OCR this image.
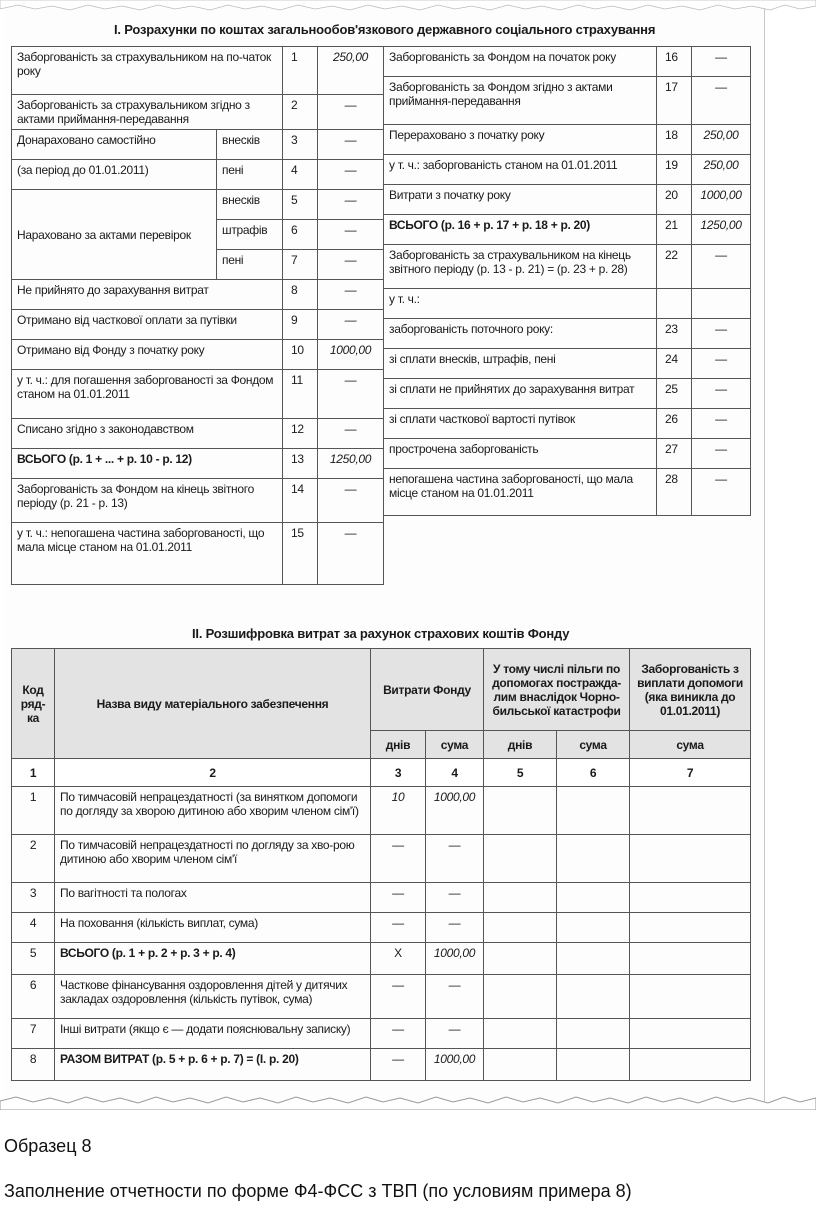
І. Розрахунки по коштах загальнообов'язкового державного соціального страхування
Заборгованість за страхувальником на по-чаток року		1	250,00
Заборгованість за страхувальником згідно з актами приймання-передавання		2	—
Донараховано самостійно	внесків	3	—
(за період до 01.01.2011)	пені	4	—
Нараховано за актами перевірок	внесків	5	—
	штрафів	6	—
	пені	7	—
Не прийнято до зарахування витрат		8	—
Отримано від часткової оплати за путівки		9	—
Отримано від Фонду з початку року		10	1000,00
у т. ч.: для погашення заборгованості за Фондом станом на 01.01.2011		11	—
Списано згідно з законодавством		12	—
ВСЬОГО (р. 1 + ... + р. 10 - р. 12)		13	1250,00
Заборгованість за Фондом на кінець звітного періоду (р. 21 - р. 13)		14	—
у т. ч.: непогашена частина заборгованості, що мала місце станом на 01.01.2011		15	—
Заборгованість за Фондом на початок року	16	—
Заборгованість за Фондом згідно з актами приймання-передавання	17	—
Перераховано з початку року	18	250,00
у т. ч.: заборгованість станом на 01.01.2011	19	250,00
Витрати з початку року	20	1000,00
ВСЬОГО (р. 16 + р. 17 + р. 18 + р. 20)	21	1250,00
Заборгованість за страхувальником на кінець звітного періоду (р. 13 - р. 21) = (р. 23 + р. 28)	22	—
у т. ч.:		
заборгованість поточного року:	23	—
зі сплати внесків, штрафів, пені	24	—
зі сплати не прийнятих до зарахування витрат	25	—
зі сплати часткової вартості путівок	26	—
прострочена заборгованість	27	—
непогашена частина заборгованості, що мала місце станом на 01.01.2011	28	—
II. Розшифровка витрат за рахунок страхових коштів Фонду
Код ряд-ка	Назва виду матеріального забезпечення	Витрати Фонду		У тому числі пільги по допомогах постражда-лим внаслідок Чорно-бильської катастрофи		Заборгованість з виплати допомоги (яка виникла до 01.01.2011)
		днів	сума	днів	сума	сума
1	2	3	4	5	6	7
1	По тимчасовій непрацездатності (за винятком допомоги по догляду за хворою дитиною або хворим членом сім'ї)	10	1000,00			
2	По тимчасовій непрацездатності по догляду за хво-рою дитиною або хворим членом сім'ї	—	—			
3	По вагітності та пологах	—	—			
4	На поховання (кількість виплат, сума)	—	—			
5	ВСЬОГО (р. 1 + р. 2 + р. 3 + р. 4)	Х	1000,00			
6	Часткове фінансування оздоровлення дітей у дитячих закладах оздоровлення (кількість путівок, сума)	—	—			
7	Інші витрати (якщо є — додати пояснювальну записку)	—	—			
8	РАЗОМ ВИТРАТ (р. 5 + р. 6 + р. 7) = (І. р. 20)	—	1000,00			
Образец 8
Заполнение отчетности по форме Ф4-ФСС з ТВП (по условиям примера 8)
